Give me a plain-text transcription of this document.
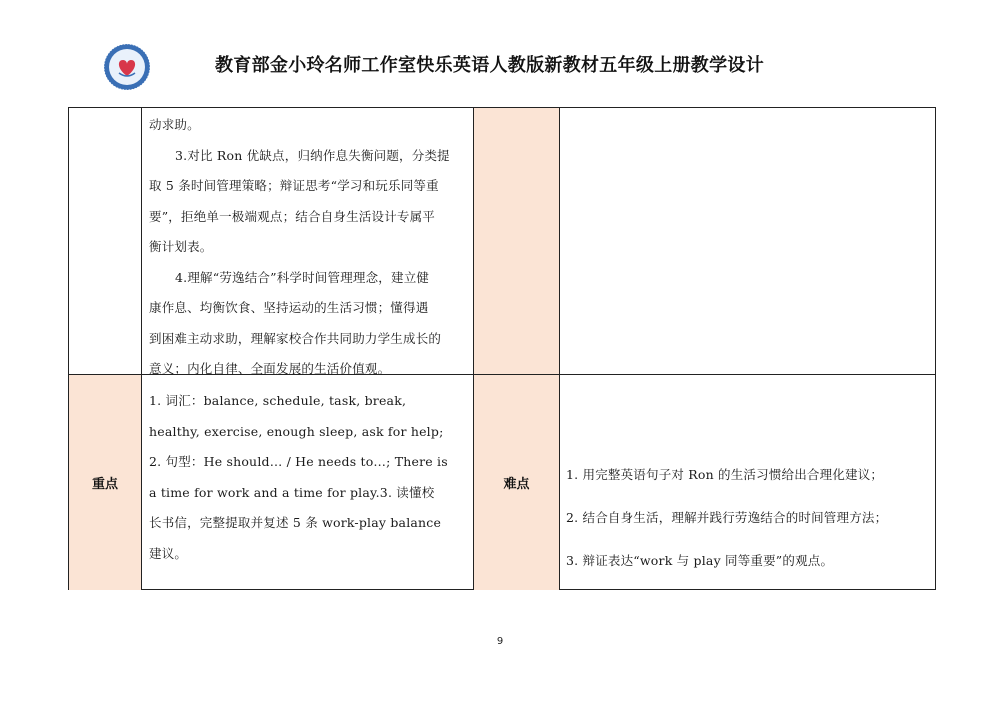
教育部金小玲名师工作室快乐英语人教版新教材五年级上册教学设计

动求助。

3.对比 Ron 优缺点，归纳作息失衡问题，分类提

取 5 条时间管理策略；辩证思考“学习和玩乐同等重

要”，拒绝单一极端观点；结合自身生活设计专属平

衡计划表。

4.理解“劳逸结合”科学时间管理理念，建立健

康作息、均衡饮食、坚持运动的生活习惯；懂得遇

到困难主动求助，理解家校合作共同助力学生成长的

意义；内化自律、全面发展的生活价值观。

重点

1. 词汇：balance, schedule, task, break,

healthy, exercise, enough sleep, ask for help;

2. 句型：He should… / He needs to…; There is

a time for work and a time for play.3. 读懂校

长书信，完整提取并复述 5 条 work-play balance

建议。

难点

1. 用完整英语句子对 Ron 的生活习惯给出合理化建议；

2. 结合自身生活，理解并践行劳逸结合的时间管理方法；

3. 辩证表达“work 与 play 同等重要”的观点。

9
